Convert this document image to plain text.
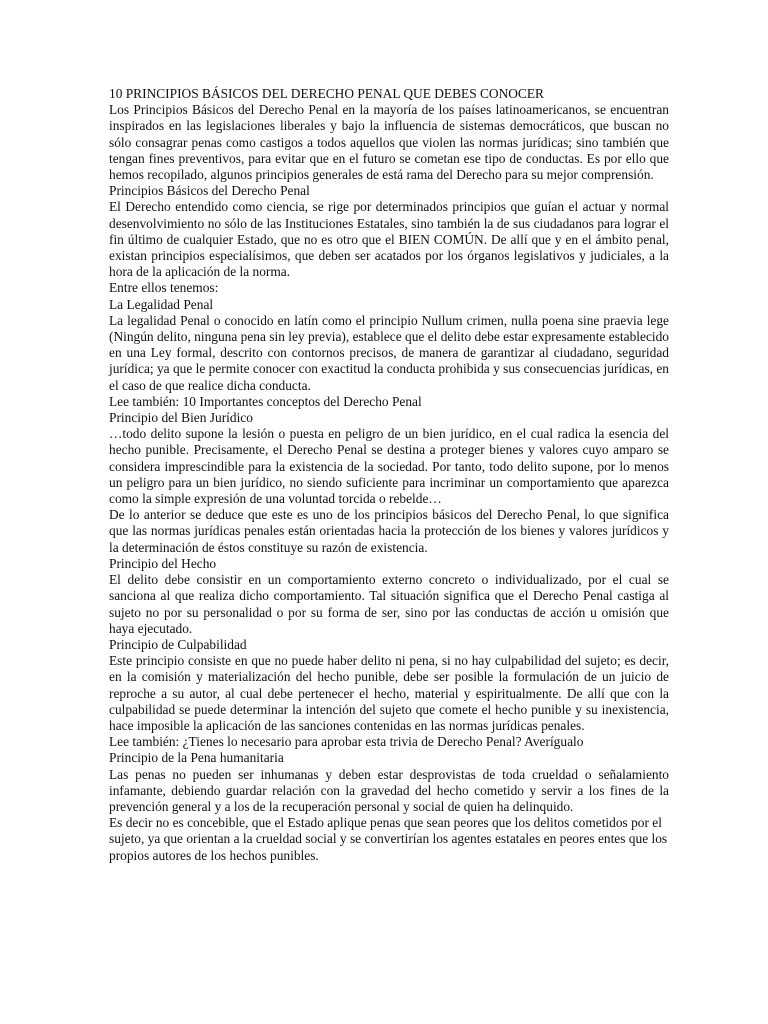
10 PRINCIPIOS BÁSICOS DEL DERECHO PENAL QUE DEBES CONOCER

Los Principios Básicos del Derecho Penal en la mayoría de los países latinoamericanos, se encuentran inspirados en las legislaciones liberales y bajo la influencia de sistemas democráticos, que buscan no sólo consagrar penas como castigos a todos aquellos que violen las normas jurídicas; sino también que tengan fines preventivos, para evitar que en el futuro se cometan ese tipo de conductas. Es por ello que hemos recopilado, algunos principios generales de está rama del Derecho para su mejor comprensión.

Principios Básicos del Derecho Penal

El Derecho entendido como ciencia, se rige por determinados principios que guían el actuar y normal desenvolvimiento no sólo de las Instituciones Estatales, sino también la de sus ciudadanos para lograr el fin último de cualquier Estado, que no es otro que el BIEN COMÚN. De allí que y en el ámbito penal, existan principios especialísimos, que deben ser acatados por los órganos legislativos y judiciales, a la hora de la aplicación de la norma.

Entre ellos tenemos:

La Legalidad Penal

La legalidad Penal o conocido en latín como el principio Nullum crimen, nulla poena sine praevia lege (Ningún delito, ninguna pena sin ley previa), establece que el delito debe estar expresamente establecido en una Ley formal, descrito con contornos precisos, de manera de garantizar al ciudadano, seguridad jurídica; ya que le permite conocer con exactitud la conducta prohibida y sus consecuencias jurídicas, en el caso de que realice dicha conducta.

Lee también: 10 Importantes conceptos del Derecho Penal

Principio del Bien Jurídico

…todo delito supone la lesión o puesta en peligro de un bien jurídico, en el cual radica la esencia del hecho punible. Precisamente, el Derecho Penal se destina a proteger bienes y valores cuyo amparo se considera imprescindible para la existencia de la sociedad. Por tanto, todo delito supone, por lo menos un peligro para un bien jurídico, no siendo suficiente para incriminar un comportamiento que aparezca como la simple expresión de una voluntad torcida o rebelde…

De lo anterior se deduce que este es uno de los principios básicos del Derecho Penal, lo que significa que las normas jurídicas penales están orientadas hacia la protección de los bienes y valores jurídicos y la determinación de éstos constituye su razón de existencia.

Principio del Hecho

El delito debe consistir en un comportamiento externo concreto o individualizado, por el cual se sanciona al que realiza dicho comportamiento. Tal situación significa que el Derecho Penal castiga al sujeto no por su personalidad o por su forma de ser, sino por las conductas de acción u omisión que haya ejecutado.

Principio de Culpabilidad

Este principio consiste en que no puede haber delito ni pena, si no hay culpabilidad del sujeto; es decir, en la comisión y materialización del hecho punible, debe ser posible la formulación de un juicio de reproche a su autor, al cual debe pertenecer el hecho, material y espiritualmente. De allí que con la culpabilidad se puede determinar la intención del sujeto que comete el hecho punible y su inexistencia, hace imposible la aplicación de las sanciones contenidas en las normas jurídicas penales.

Lee también: ¿Tienes lo necesario para aprobar esta trivia de Derecho Penal? Averígualo

Principio de la Pena humanitaria

Las penas no pueden ser inhumanas y deben estar desprovistas de toda crueldad o señalamiento infamante, debiendo guardar relación con la gravedad del hecho cometido y servir a los fines de la prevención general y a los de la recuperación personal y social de quien ha delinquido.

Es decir no es concebible, que el Estado aplique penas que sean peores que los delitos cometidos por el sujeto, ya que orientan a la crueldad social y se convertirían los agentes estatales en peores entes que los propios autores de los hechos punibles.
